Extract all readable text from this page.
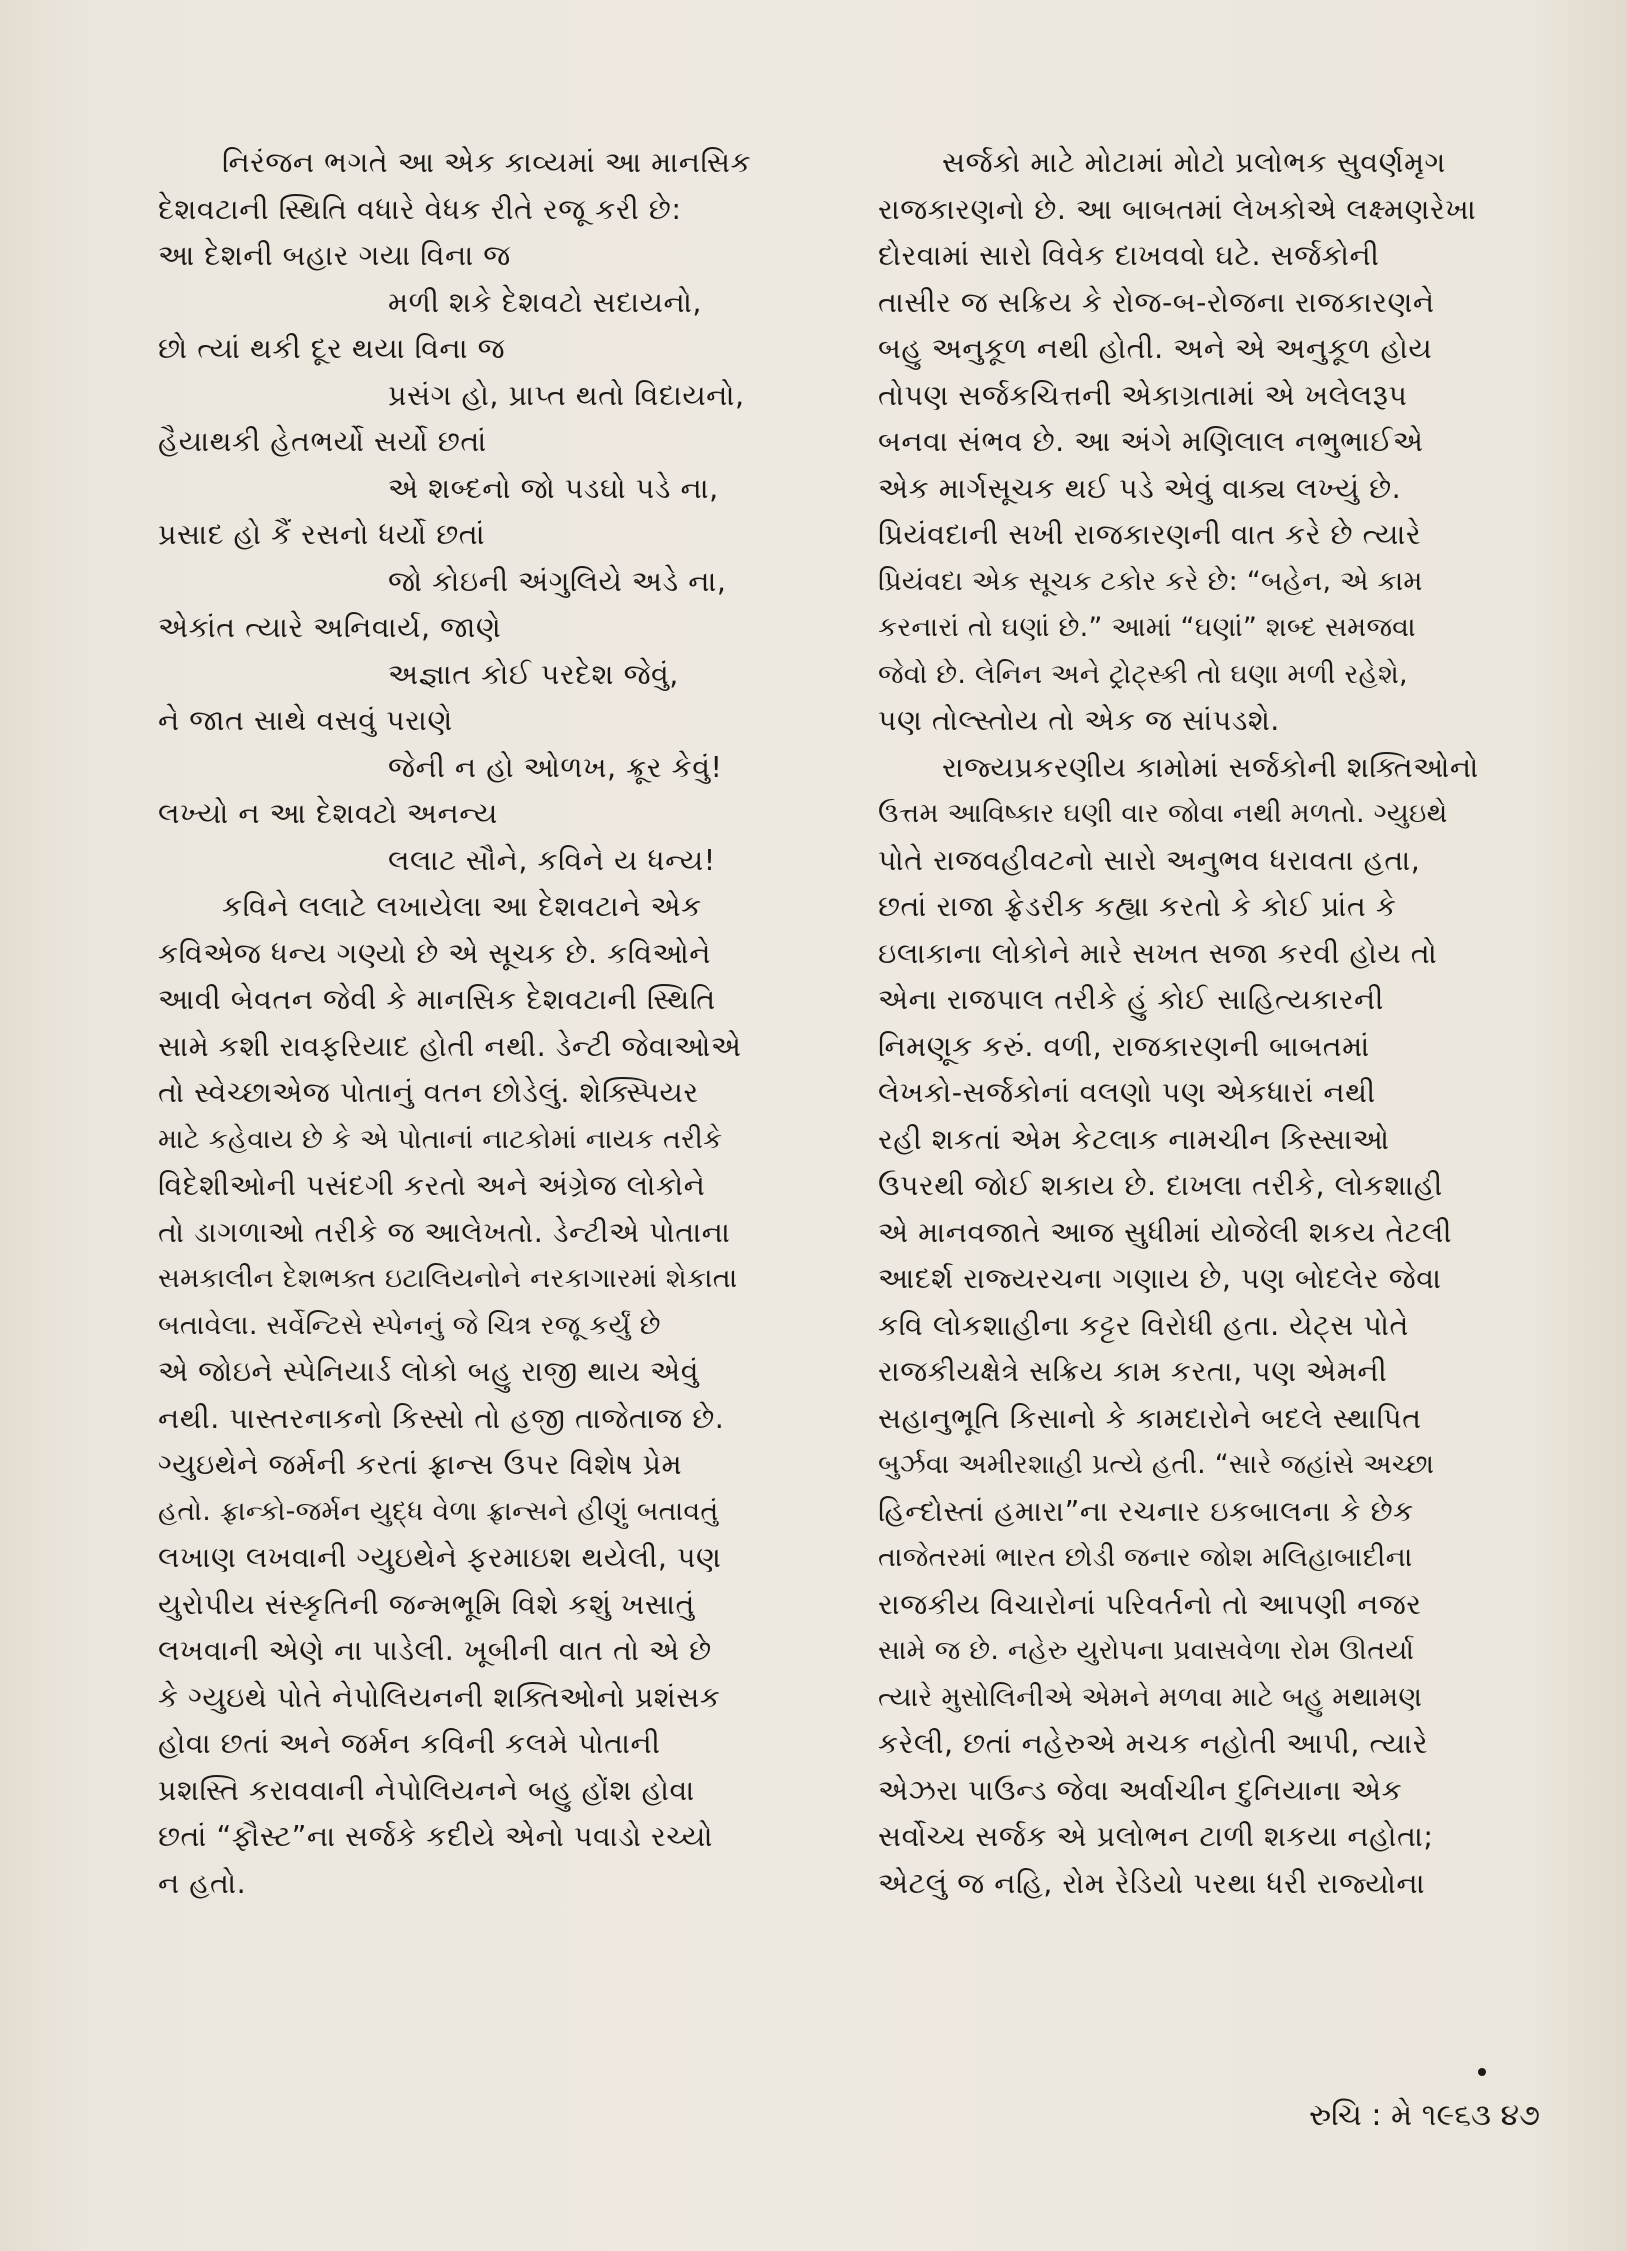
નિરંજન ભગતે આ એક કાવ્યમાં આ માનસિક
દેશવટાની સ્થિતિ વધારે વેધક રીતે રજૂ કરી છે:
આ દેશની બહાર ગયા વિના જ
મળી શકે દેશવટો સદાયનો,
છો ત્યાં થકી દૂર થયા વિના જ
પ્રસંગ હો, પ્રાપ્ત થતો વિદાયનો,
હૈયાથકી હેતભર્યો સર્યો છતાં
એ શબ્દનો જો પડઘો પડે ના,
પ્રસાદ હો કૈં રસનો ધર્યો છતાં
જો કોઇની અંગુલિયે અડે ના,
એકાંત ત્યારે અનિવાર્ય, જાણે
અજ્ઞાત કોઈ પરદેશ જેવું,
ને જાત સાથે વસવું પરાણે
જેની ન હો ઓળખ, ક્રૂર કેવું!
લખ્યો ન આ દેશવટો અનન્ય
લલાટ સૌને, કવિને ય ધન્ય!
કવિને લલાટે લખાયેલા આ દેશવટાને એક
કવિએજ ધન્ય ગણ્યો છે એ સૂચક છે. કવિઓને
આવી બેવતન જેવી કે માનસિક દેશવટાની સ્થિતિ
સામે કશી રાવફરિયાદ હોતી નથી. ડેન્ટી જેવાઓએ
તો સ્વેચ્છાએજ પોતાનું વતન છોડેલું. શેક્સ્પિયર
માટે કહેવાય છે કે એ પોતાનાં નાટકોમાં નાયક તરીકે
વિદેશીઓની પસંદગી કરતો અને અંગ્રેજ લોકોને
તો ડાગળાઓ તરીકે જ આલેખતો. ડેન્ટીએ પોતાના
સમકાલીન દેશભક્ત ઇટાલિયનોને નરકાગારમાં શેકાતા
બતાવેલા. સર્વેન્ટિસે સ્પેનનું જે ચિત્ર રજૂ કર્યું છે
એ જોઇને સ્પેનિયાર્ડ લોકો બહુ રાજી થાય એવું
નથી. પાસ્તરનાકનો કિસ્સો તો હજી તાજેતાજ છે.
ગ્યુઇથેને જર્મની કરતાં ફ્રાન્સ ઉપર વિશેષ પ્રેમ
હતો. ફ્રાન્કો-જર્મન યુદ્ધ વેળા ફ્રાન્સને હીણું બતાવતું
લખાણ લખવાની ગ્યુઇથેને ફરમાઇશ થયેલી, પણ
યુરોપીય સંસ્કૃતિની જન્મભૂમિ વિશે કશું ખસાતું
લખવાની એણે ના પાડેલી. ખૂબીની વાત તો એ છે
કે ગ્યુઇથે પોતે નેપોલિયનની શક્તિઓનો પ્રશંસક
હોવા છતાં અને જર્મન કવિની કલમે પોતાની
પ્રશસ્તિ કરાવવાની નેપોલિયનને બહુ હોંશ હોવા
છતાં “ફૌસ્ટ”ના સર્જકે કદીયે એનો પવાડો રચ્યો
ન હતો.
સર્જકો માટે મોટામાં મોટો પ્રલોભક સુવર્ણમૃગ
રાજકારણનો છે. આ બાબતમાં લેખકોએ લક્ષ્મણરેખા
દોરવામાં સારો વિવેક દાખવવો ઘટે. સર્જકોની
તાસીર જ સક્રિય કે રોજ-બ-રોજના રાજકારણને
બહુ અનુકૂળ નથી હોતી. અને એ અનુકૂળ હોય
તોપણ સર્જકચિત્તની એકાગ્રતામાં એ ખલેલરૂપ
બનવા સંભવ છે. આ અંગે મણિલાલ નભુભાઈએ
એક માર્ગસૂચક થઈ પડે એવું વાક્ય લખ્યું છે.
પ્રિયંવદાની સખી રાજકારણની વાત કરે છે ત્યારે
પ્રિયંવદા એક સૂચક ટકોર કરે છે: “બહેન, એ કામ
કરનારાં તો ઘણાં છે.” આમાં “ઘણાં” શબ્દ સમજવા
જેવો છે. લેનિન અને ટ્રોટ્સ્કી તો ઘણા મળી રહેશે,
પણ તોલ્સ્તોય તો એક જ સાંપડશે.
રાજ્યપ્રકરણીય કામોમાં સર્જકોની શક્તિઓનો
ઉત્તમ આવિષ્કાર ઘણી વાર જોવા નથી મળતો. ગ્યુઇથે
પોતે રાજવહીવટનો સારો અનુભવ ધરાવતા હતા,
છતાં રાજા ફ્રેડરીક કહ્યા કરતો કે કોઈ પ્રાંત કે
ઇલાકાના લોકોને મારે સખત સજા કરવી હોય તો
એના રાજપાલ તરીકે હું કોઈ સાહિત્યકારની
નિમણૂક કરું. વળી, રાજકારણની બાબતમાં
લેખકો-સર્જકોનાં વલણો પણ એકધારાં નથી
રહી શકતાં એમ કેટલાક નામચીન કિસ્સાઓ
ઉપરથી જોઈ શકાય છે. દાખલા તરીકે, લોકશાહી
એ માનવજાતે આજ સુધીમાં યોજેલી શકય તેટલી
આદર્શ રાજ્યરચના ગણાય છે, પણ બોદલેર જેવા
કવિ લોકશાહીના કટ્ટર વિરોધી હતા. યેટ્સ પોતે
રાજકીયક્ષેત્રે સક્રિય કામ કરતા, પણ એમની
સહાનુભૂતિ કિસાનો કે કામદારોને બદલે સ્થાપિત
બુર્ઝવા અમીરશાહી પ્રત્યે હતી. “સારે જહાંસે અચ્છા
હિન્દોસ્તાં હમારા”ના રચનાર ઇકબાલના કે છેક
તાજેતરમાં ભારત છોડી જનાર જોશ મલિહાબાદીના
રાજકીય વિચારોનાં પરિવર્તનો તો આપણી નજર
સામે જ છે. નહેરુ યુરોપના પ્રવાસવેળા રોમ ઊતર્યા
ત્યારે મુસોલિનીએ એમને મળવા માટે બહુ મથામણ
કરેલી, છતાં નહેરુએ મચક નહોતી આપી, ત્યારે
એઝરા પાઉન્ડ જેવા અર્વાચીન દુનિયાના એક
સર્વોચ્ચ સર્જક એ પ્રલોભન ટાળી શકયા નહોતા;
એટલું જ નહિ, રોમ રેડિયો પરથા ધરી રાજ્યોના
રુચિ : મે ૧૯૬૩ ૪૭
